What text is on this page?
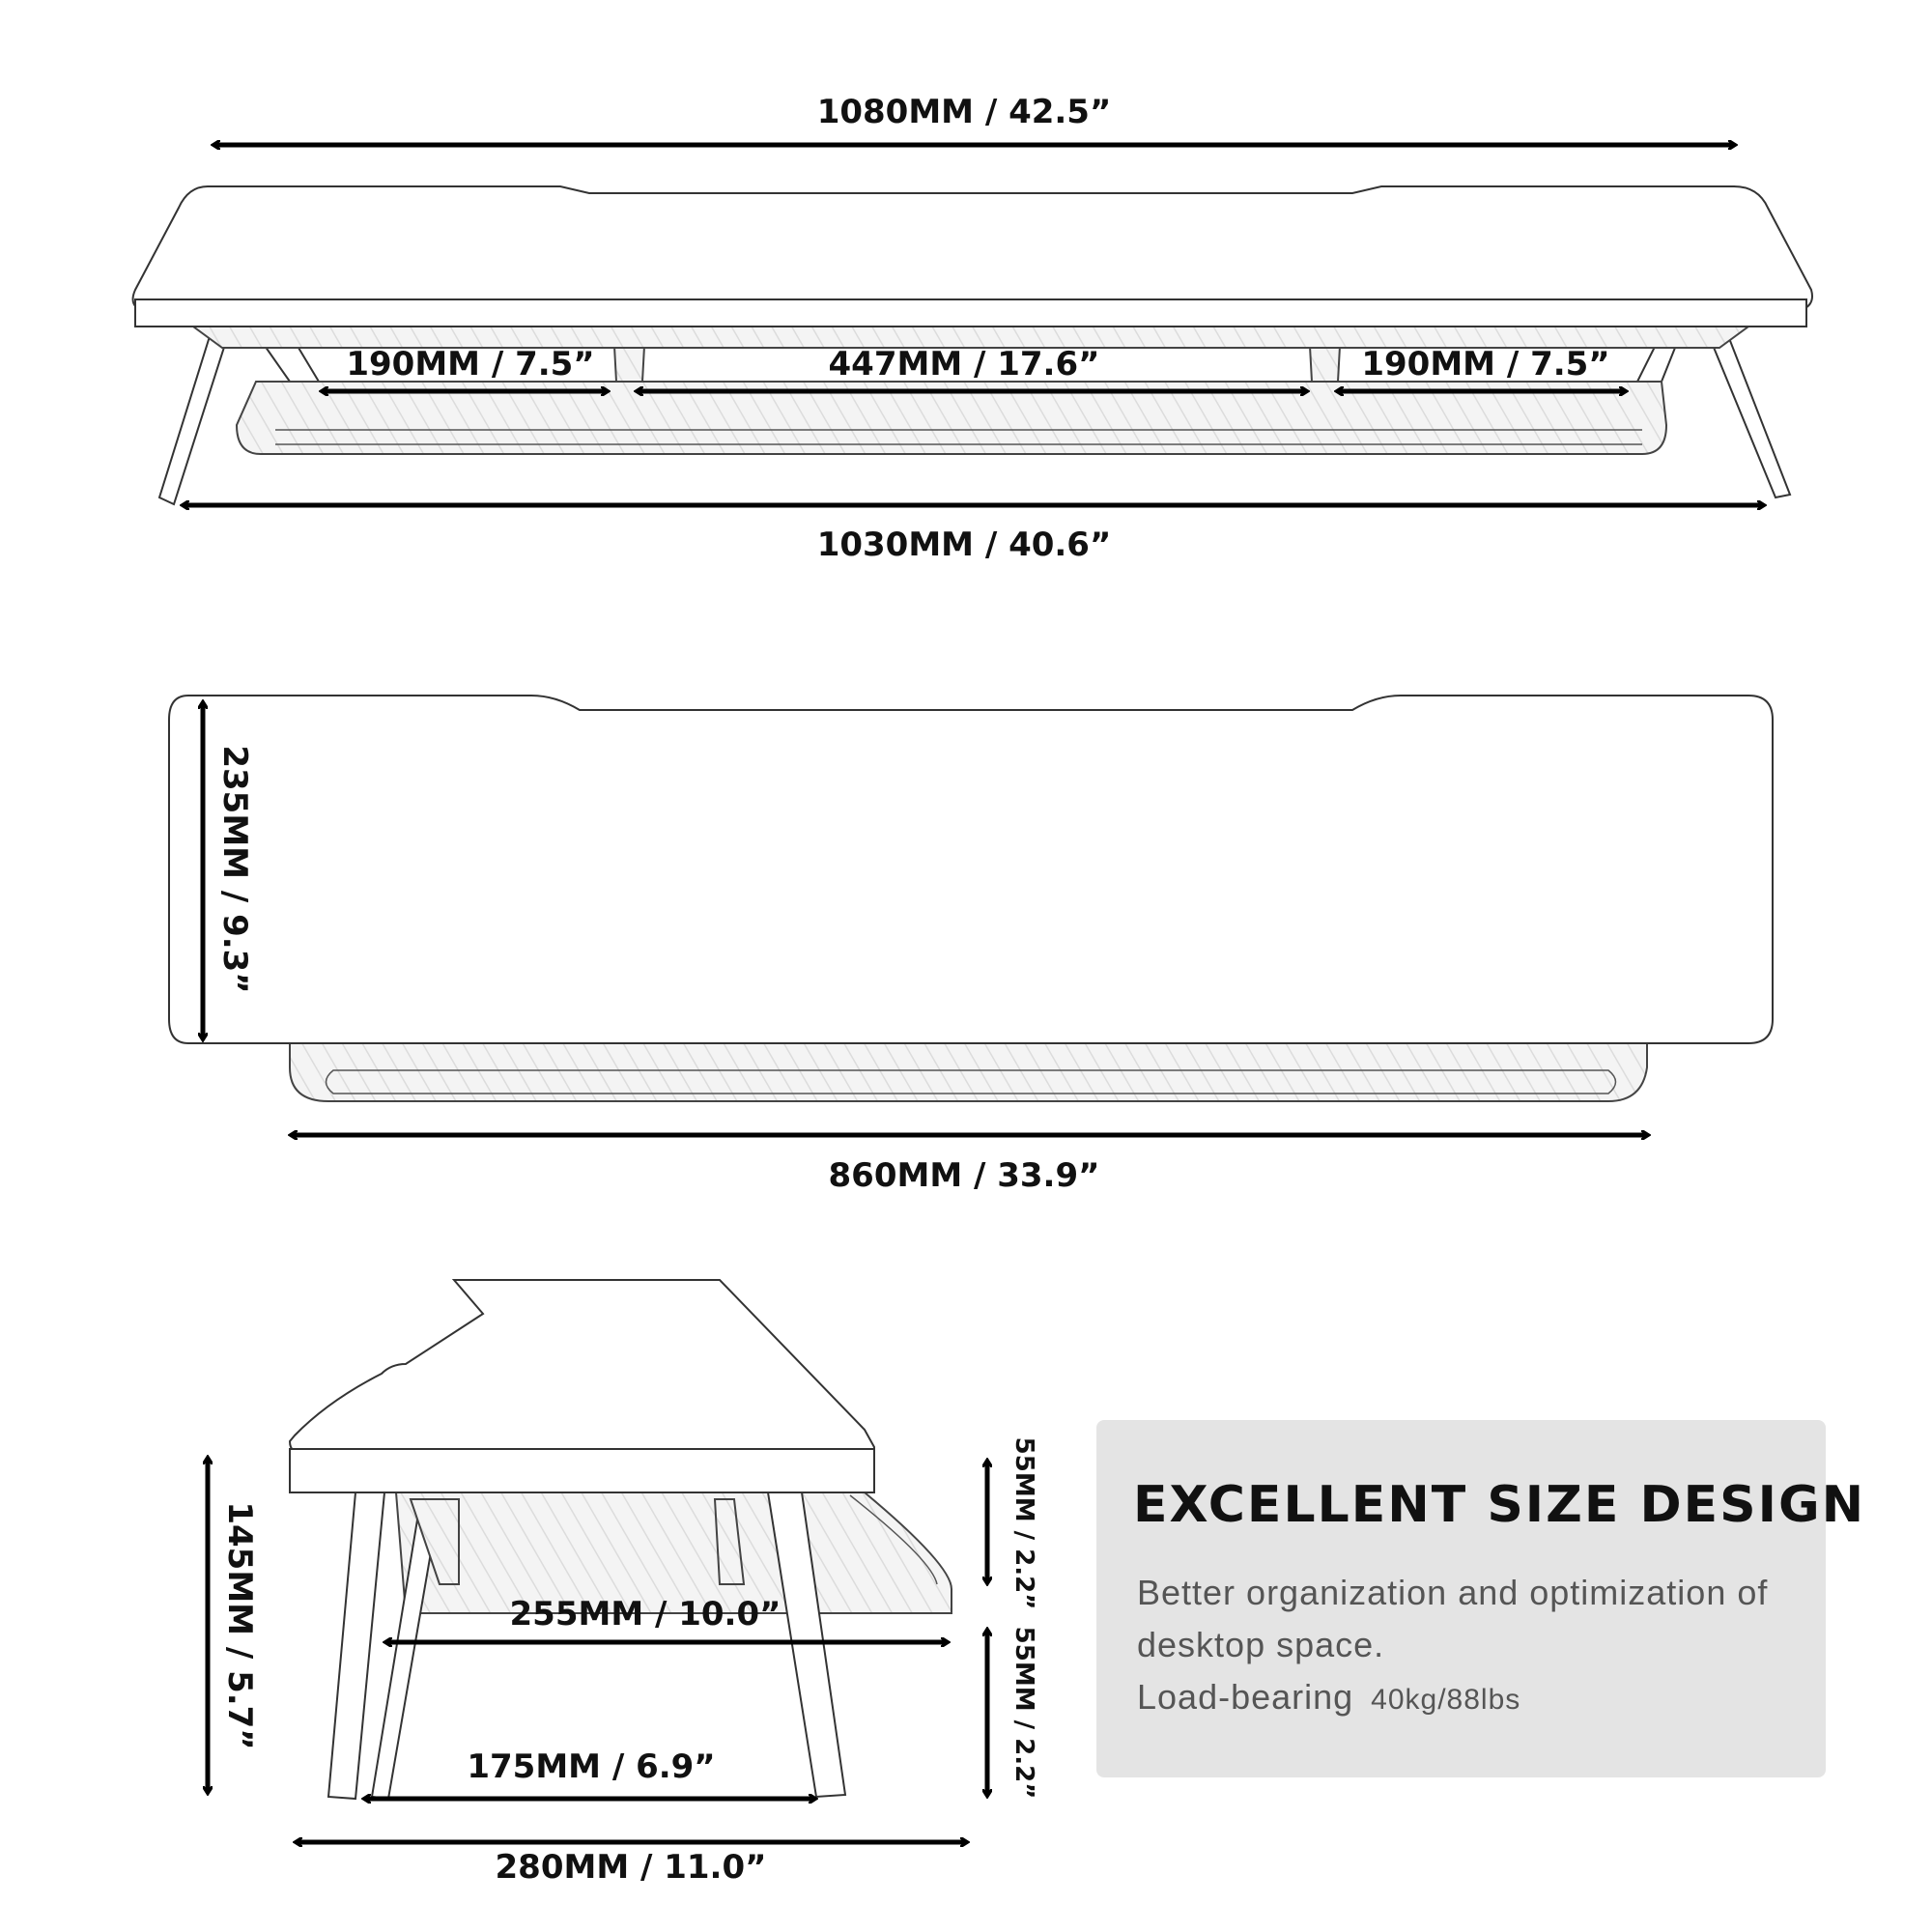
1080MM / 42.5”
190MM / 7.5”	447MM / 17.6”	190MM / 7.5”
1030MM / 40.6”
235MM / 9.3”
860MM / 33.9”
145MM / 5.7”	255MM / 10.0”
175MM / 6.9”
280MM / 11.0”
55MM / 2.2”
55MM / 2.2”
EXCELLENT SIZE DESIGN

Better organization and optimization of

desktop space.

Load-bearing 40kg/88lbs
